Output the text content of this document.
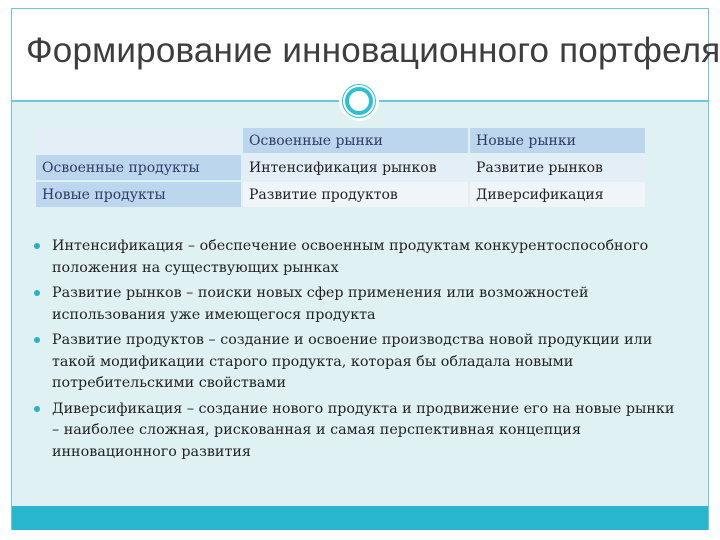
Формирование инновационного портфеля
	Освоенные рынки	Новые рынки
Освоенные продукты	Интенсификация рынков	Развитие рынков
Новые продукты	Развитие продуктов	Диверсификация
Интенсификация – обеспечение освоенным продуктам конкурентоспособного положения на существующих рынках
Развитие рынков – поиски новых сфер применения или возможностей использования уже имеющегося продукта
Развитие продуктов – создание и освоение производства новой продукции или такой модификации старого продукта, которая бы обладала новыми потребительскими свойствами
Диверсификация – создание нового продукта и продвижение его на новые рынки – наиболее сложная, рискованная и самая перспективная концепция инновационного развития
